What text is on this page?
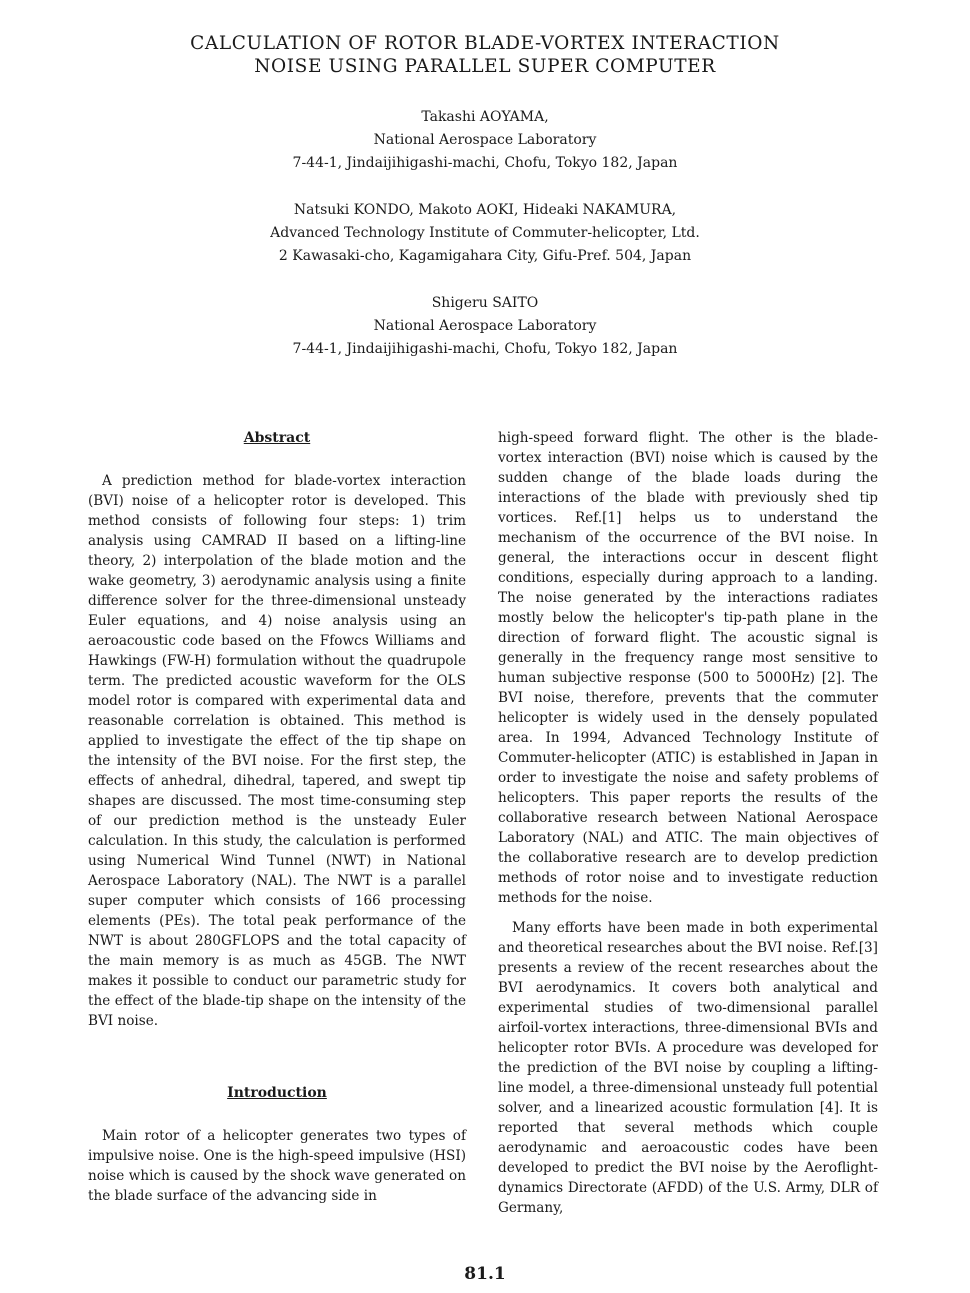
CALCULATION OF ROTOR BLADE-VORTEX INTERACTION
NOISE USING PARALLEL SUPER COMPUTER
Takashi AOYAMA,
National Aerospace Laboratory
7-44-1, Jindaijihigashi-machi, Chofu, Tokyo 182, Japan
Natsuki KONDO, Makoto AOKI, Hideaki NAKAMURA,
Advanced Technology Institute of Commuter-helicopter, Ltd.
2 Kawasaki-cho, Kagamigahara City, Gifu-Pref. 504, Japan
Shigeru SAITO
National Aerospace Laboratory
7-44-1, Jindaijihigashi-machi, Chofu, Tokyo 182, Japan
Abstract

A prediction method for blade-vortex interaction (BVI) noise of a helicopter rotor is developed. This method consists of following four steps: 1) trim analysis using CAMRAD II based on a lifting-line theory, 2) interpolation of the blade motion and the wake geometry, 3) aerodynamic analysis using a finite difference solver for the three-dimensional unsteady Euler equations, and 4) noise analysis using an aeroacoustic code based on the Ffowcs Williams and Hawkings (FW-H) formulation without the quadrupole term. The predicted acoustic waveform for the OLS model rotor is compared with experimental data and reasonable correlation is obtained. This method is applied to investigate the effect of the tip shape on the intensity of the BVI noise. For the first step, the effects of anhedral, dihedral, tapered, and swept tip shapes are discussed. The most time-consuming step of our prediction method is the unsteady Euler calculation. In this study, the calculation is performed using Numerical Wind Tunnel (NWT) in National Aerospace Laboratory (NAL). The NWT is a parallel super computer which consists of 166 processing elements (PEs). The total peak performance of the NWT is about 280GFLOPS and the total capacity of the main memory is as much as 45GB. The NWT makes it possible to conduct our parametric study for the effect of the blade-tip shape on the intensity of the BVI noise.

Introduction

Main rotor of a helicopter generates two types of impulsive noise. One is the high-speed impulsive (HSI) noise which is caused by the shock wave generated on the blade surface of the advancing side in

high-speed forward flight. The other is the blade-vortex interaction (BVI) noise which is caused by the sudden change of the blade loads during the interactions of the blade with previously shed tip vortices. Ref.[1] helps us to understand the mechanism of the occurrence of the BVI noise. In general, the interactions occur in descent flight conditions, especially during approach to a landing. The noise generated by the interactions radiates mostly below the helicopter's tip-path plane in the direction of forward flight. The acoustic signal is generally in the frequency range most sensitive to human subjective response (500 to 5000Hz) [2]. The BVI noise, therefore, prevents that the commuter helicopter is widely used in the densely populated area. In 1994, Advanced Technology Institute of Commuter-helicopter (ATIC) is established in Japan in order to investigate the noise and safety problems of helicopters. This paper reports the results of the collaborative research between National Aerospace Laboratory (NAL) and ATIC. The main objectives of the collaborative research are to develop prediction methods of rotor noise and to investigate reduction methods for the noise.

Many efforts have been made in both experimental and theoretical researches about the BVI noise. Ref.[3] presents a review of the recent researches about the BVI aerodynamics. It covers both analytical and experimental studies of two-dimensional parallel airfoil-vortex interactions, three-dimensional BVIs and helicopter rotor BVIs. A procedure was developed for the prediction of the BVI noise by coupling a lifting-line model, a three-dimensional unsteady full potential solver, and a linearized acoustic formulation [4]. It is reported that several methods which couple aerodynamic and aeroacoustic codes have been developed to predict the BVI noise by the Aeroflight-dynamics Directorate (AFDD) of the U.S. Army, DLR of Germany,

81.1
